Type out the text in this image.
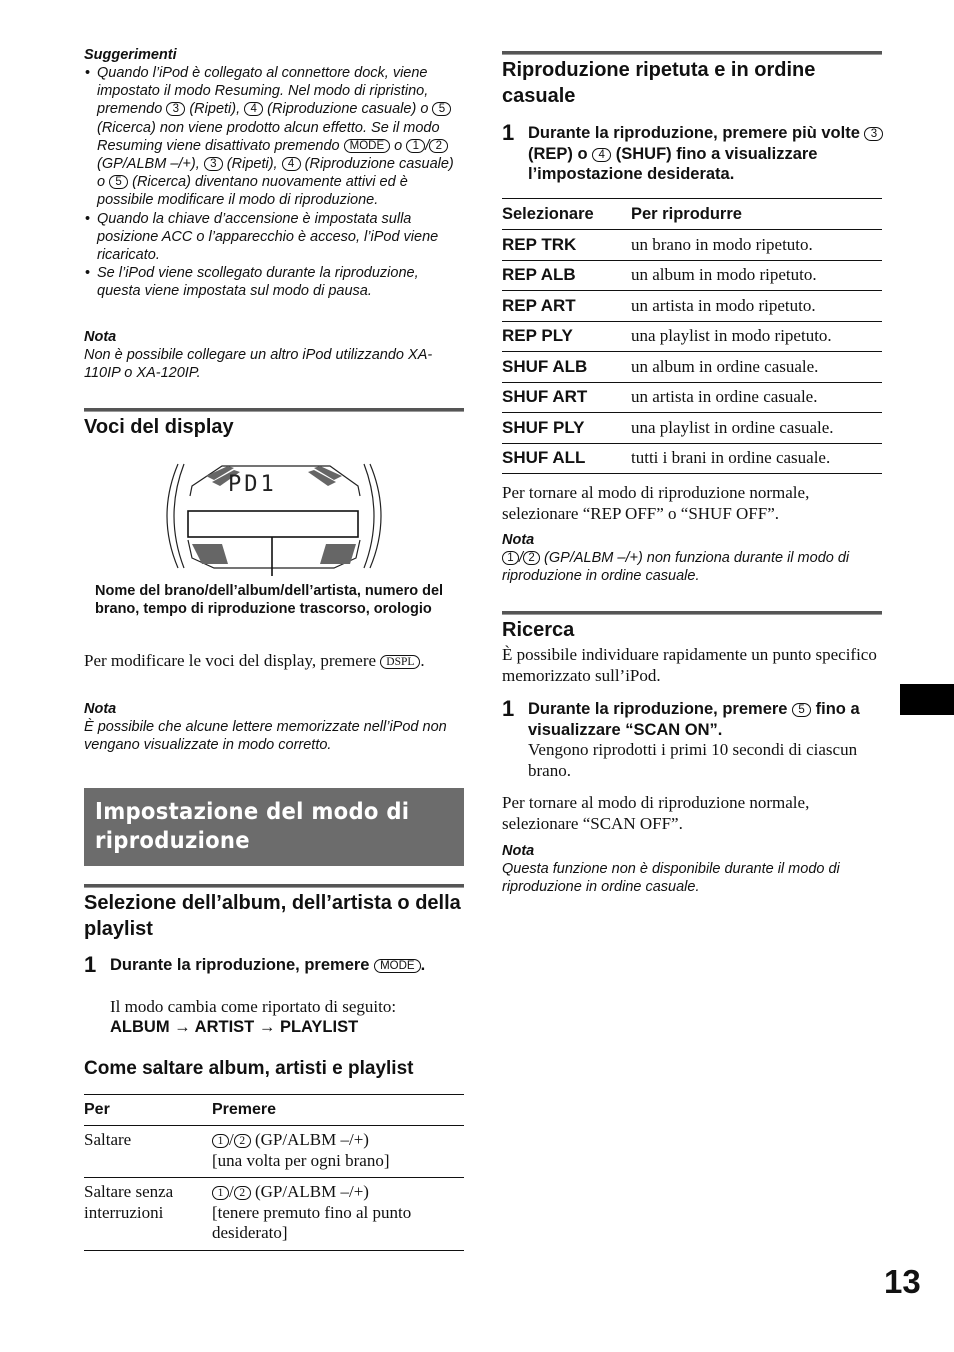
Suggerimenti
• Quando l’iPod è collegato al connettore dock, viene impostato il modo Resuming. Nel modo di ripristino, premendo 3 (Ripeti), 4 (Riproduzione casuale) o 5 (Ricerca) non viene prodotto alcun effetto. Se il modo Resuming viene disattivato premendo MODE o 1 / 2 (GP/ALBM –/+), 3 (Ripeti), 4 (Riproduzione casuale) o 5 (Ricerca) diventano nuovamente attivi ed è possibile modificare il modo di riproduzione.
• Quando la chiave d’accensione è impostata sulla posizione ACC o l’apparecchio è acceso, l’iPod viene ricaricato.
• Se l’iPod viene scollegato durante la riproduzione, questa viene impostata sul modo di pausa.
Nota
Non è possibile collegare un altro iPod utilizzando XA-110IP o XA-120IP.
Voci del display
PD1
Nome del brano/dell’album/dell’artista, numero del brano, tempo di riproduzione trascorso, orologio
Per modificare le voci del display, premere DSPL .
Nota
È possibile che alcune lettere memorizzate nell’iPod non vengano visualizzate in modo corretto.
Impostazione del modo di riproduzione
Selezione dell’album, dell’artista o della playlist
1 Durante la riproduzione, premere MODE .
Il modo cambia come riportato di seguito:
ALBUM → ARTIST → PLAYLIST
Come saltare album, artisti e playlist
Per	Premere
Saltare	1 / 2 (GP/ALBM –/+)
[una volta per ogni brano]
Saltare senza interruzioni	1 / 2 (GP/ALBM –/+)
[tenere premuto fino al punto desiderato]
Riproduzione ripetuta e in ordine casuale
1 Durante la riproduzione, premere più volte 3 (REP) o 4 (SHUF) fino a visualizzare l’impostazione desiderata.
Selezionare	Per riprodurre
REP TRK	un brano in modo ripetuto.
REP ALB	un album in modo ripetuto.
REP ART	un artista in modo ripetuto.
REP PLY	una playlist in modo ripetuto.
SHUF ALB	un album in ordine casuale.
SHUF ART	un artista in ordine casuale.
SHUF PLY	una playlist in ordine casuale.
SHUF ALL	tutti i brani in ordine casuale.
Per tornare al modo di riproduzione normale, selezionare “REP OFF” o “SHUF OFF”.
Nota
1 / 2 (GP/ALBM –/+) non funziona durante il modo di riproduzione in ordine casuale.
Ricerca
È possibile individuare rapidamente un punto specifico memorizzato sull’iPod.
1 Durante la riproduzione, premere 5 fino a visualizzare “SCAN ON”.
Vengono riprodotti i primi 10 secondi di ciascun brano.
Per tornare al modo di riproduzione normale, selezionare “SCAN OFF”.
Nota
Questa funzione non è disponibile durante il modo di riproduzione in ordine casuale.
13
